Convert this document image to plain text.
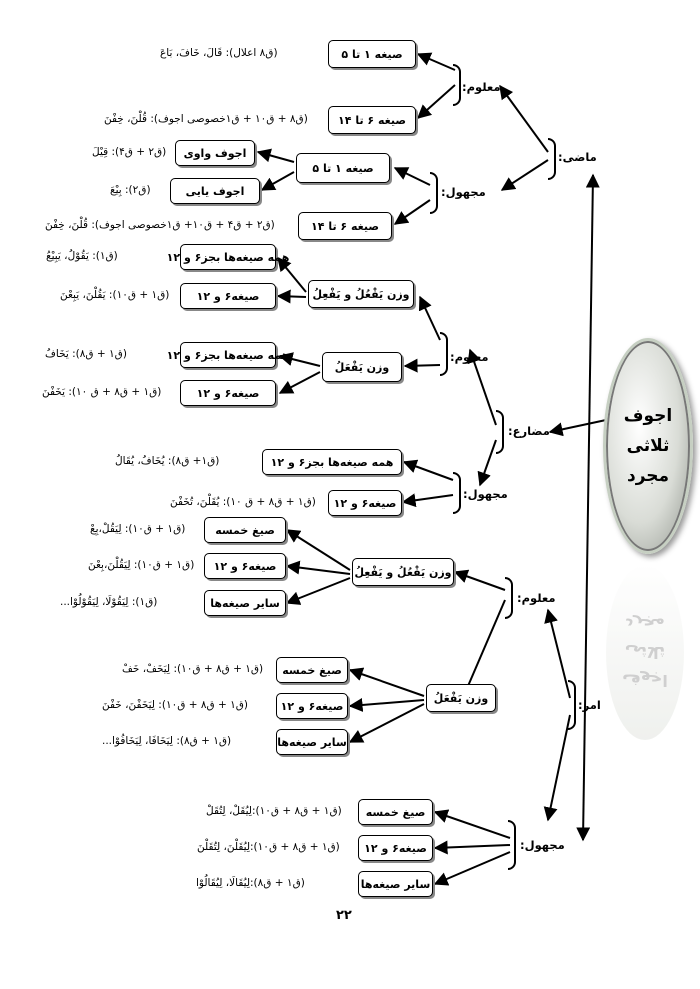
اجوف
ثلاثی
مجرد
اجوف
ثلاثی
مجرد
ماضی:
مضارع:
امر:
معلوم:
صیغه ١ تا ۵
(ق٨ اعلال): قَالَ، خَافَ، بَاعَ
صیغه ۶ تا ١۴
(ق٨ + ق١٠ + ق١خصوصی اجوف): قُلْنَ، خِفْنَ
مجهول:
صیغه ١ تا ۵
اجوف واوی
(ق٢ + ق۴): قِیْلَ
اجوف یایی
(ق٢): بِیْعَ
صیغه ۶ تا ١۴
(ق٢ + ق۴ + ق١٠+ ق١خصوصی اجوف): قُلْنَ، خِفْنَ
معلوم:
وزن یَفْعُلُ و یَفْعِلُ
همه صیغه‌ها بجز۶ و ١٢
(ق١): یَقُوْلُ، یَبِیْعُ
صیغه۶ و ١٢
(ق١ + ق١٠): یَقُلْنَ، یَبِعْنَ
وزن یَفْعَلُ
همه صیغه‌ها بجز۶ و ١٢
(ق١ + ق٨): یَخَافُ
صیغه۶ و ١٢
(ق١ + ق٨ + ق ١٠): یَخَفْنَ
مجهول:
همه صیغه‌ها بجز۶ و ١٢
(ق١+ ق٨): یُخَافُ، یُقَالُ
صیغه۶ و ١٢
(ق١ + ق٨ + ق ١٠): یُقَلْنَ، تُخَفْنَ
معلوم:
وزن یَفْعُلُ و یَفْعِلُ
صیغ خمسه
(ق١ + ق١٠): لِیَقُلْ،بِعْ
صیغه۶ و ١٢
(ق١ + ق١٠): لِیَقُلْنَ،بِعْنَ
سایر صیغه‌ها
(ق١): لِیَقُوْلَا، لِیَقُوْلُوْا...
وزن یَفْعَلُ
صیغ خمسه
(ق١ + ق٨ + ق١٠): لِیَخَفْ، خَفْ
صیغه۶ و ١٢
(ق١ + ق٨ + ق١٠): لِیَخَفْنَ، خَفْنَ
سایر صیغه‌ها
(ق١ + ق٨): لِیَخَافَا، لِیَخَافُوْا...
مجهول:
صیغ خمسه
(ق١ + ق٨ + ق١٠):لِیُقَلْ، لِتُقَلْ
صیغه۶ و ١٢
(ق١ + ق٨ + ق١٠):لِیُقَلْنَ، لِتُقَلْنَ
سایر صیغه‌ها
(ق١ + ق٨):لِیُقَالَا، لِیُقَالُوْا
٢٢
